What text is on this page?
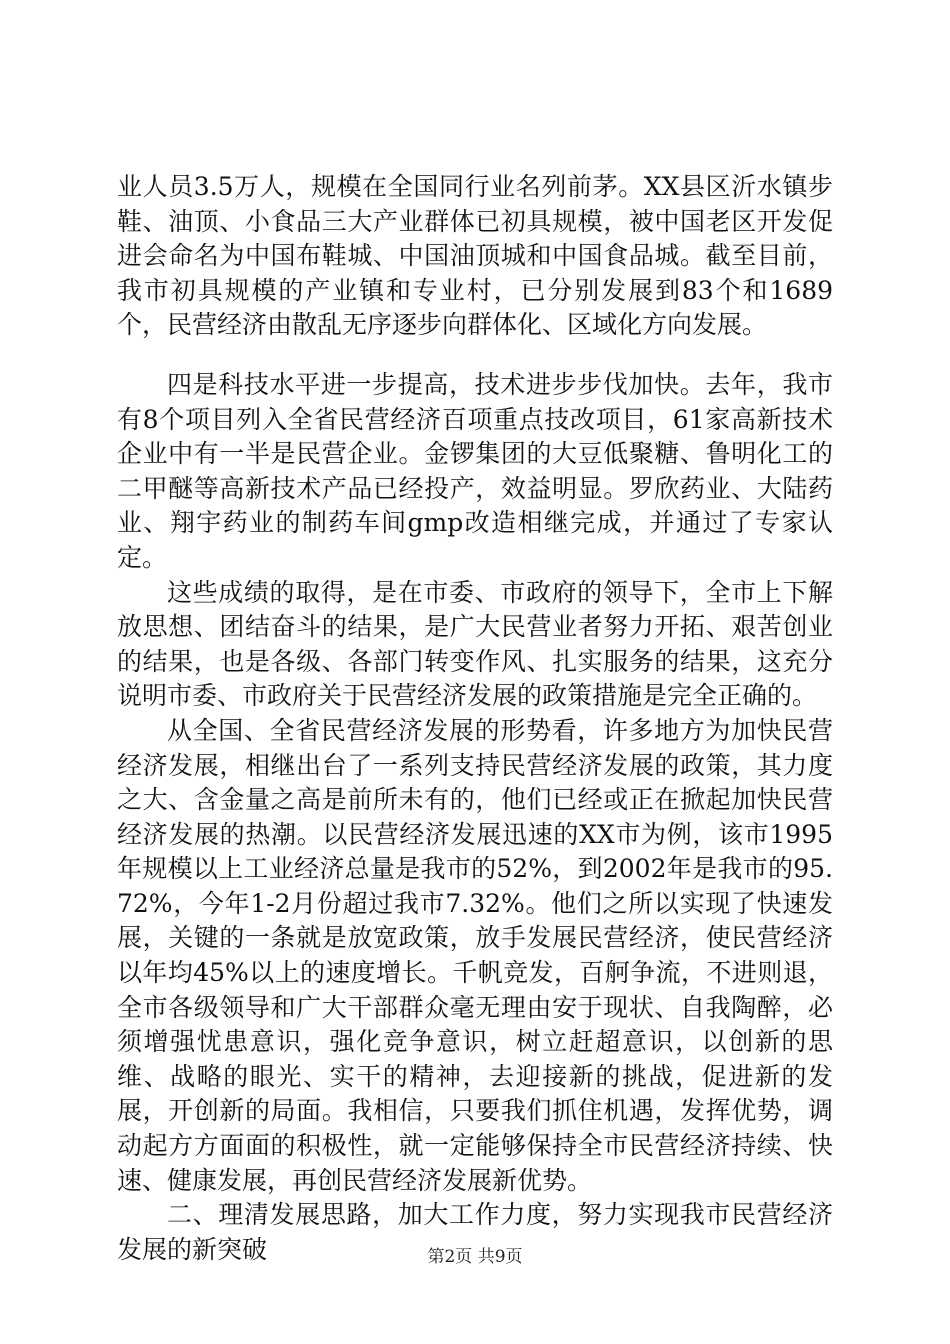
业人员3.5万人，规模在全国同行业名列前茅。XX县区沂水镇步鞋、油顶、小食品三大产业群体已初具规模，被中国老区开发促进会命名为中国布鞋城、中国油顶城和中国食品城。截至目前，我市初具规模的产业镇和专业村，已分别发展到83个和1689个，民营经济由散乱无序逐步向群体化、区域化方向发展。

四是科技水平进一步提高，技术进步步伐加快。去年，我市有8个项目列入全省民营经济百项重点技改项目，61家高新技术企业中有一半是民营企业。金锣集团的大豆低聚糖、鲁明化工的二甲醚等高新技术产品已经投产，效益明显。罗欣药业、大陆药业、翔宇药业的制药车间gmp改造相继完成，并通过了专家认定。

这些成绩的取得，是在市委、市政府的领导下，全市上下解放思想、团结奋斗的结果，是广大民营业者努力开拓、艰苦创业的结果，也是各级、各部门转变作风、扎实服务的结果，这充分说明市委、市政府关于民营经济发展的政策措施是完全正确的。

从全国、全省民营经济发展的形势看，许多地方为加快民营经济发展，相继出台了一系列支持民营经济发展的政策，其力度之大、含金量之高是前所未有的，他们已经或正在掀起加快民营经济发展的热潮。以民营经济发展迅速的XX市为例，该市1995年规模以上工业经济总量是我市的52%，到2002年是我市的95.72%，今年1-2月份超过我市7.32%。他们之所以实现了快速发展，关键的一条就是放宽政策，放手发展民营经济，使民营经济以年均45%以上的速度增长。千帆竞发，百舸争流，不进则退，全市各级领导和广大干部群众毫无理由安于现状、自我陶醉，必须增强忧患意识，强化竞争意识，树立赶超意识，以创新的思维、战略的眼光、实干的精神，去迎接新的挑战，促进新的发展，开创新的局面。我相信，只要我们抓住机遇，发挥优势，调动起方方面面的积极性，就一定能够保持全市民营经济持续、快速、健康发展，再创民营经济发展新优势。

二、理清发展思路，加大工作力度，努力实现我市民营经济发展的新突破	第2页 共9页
